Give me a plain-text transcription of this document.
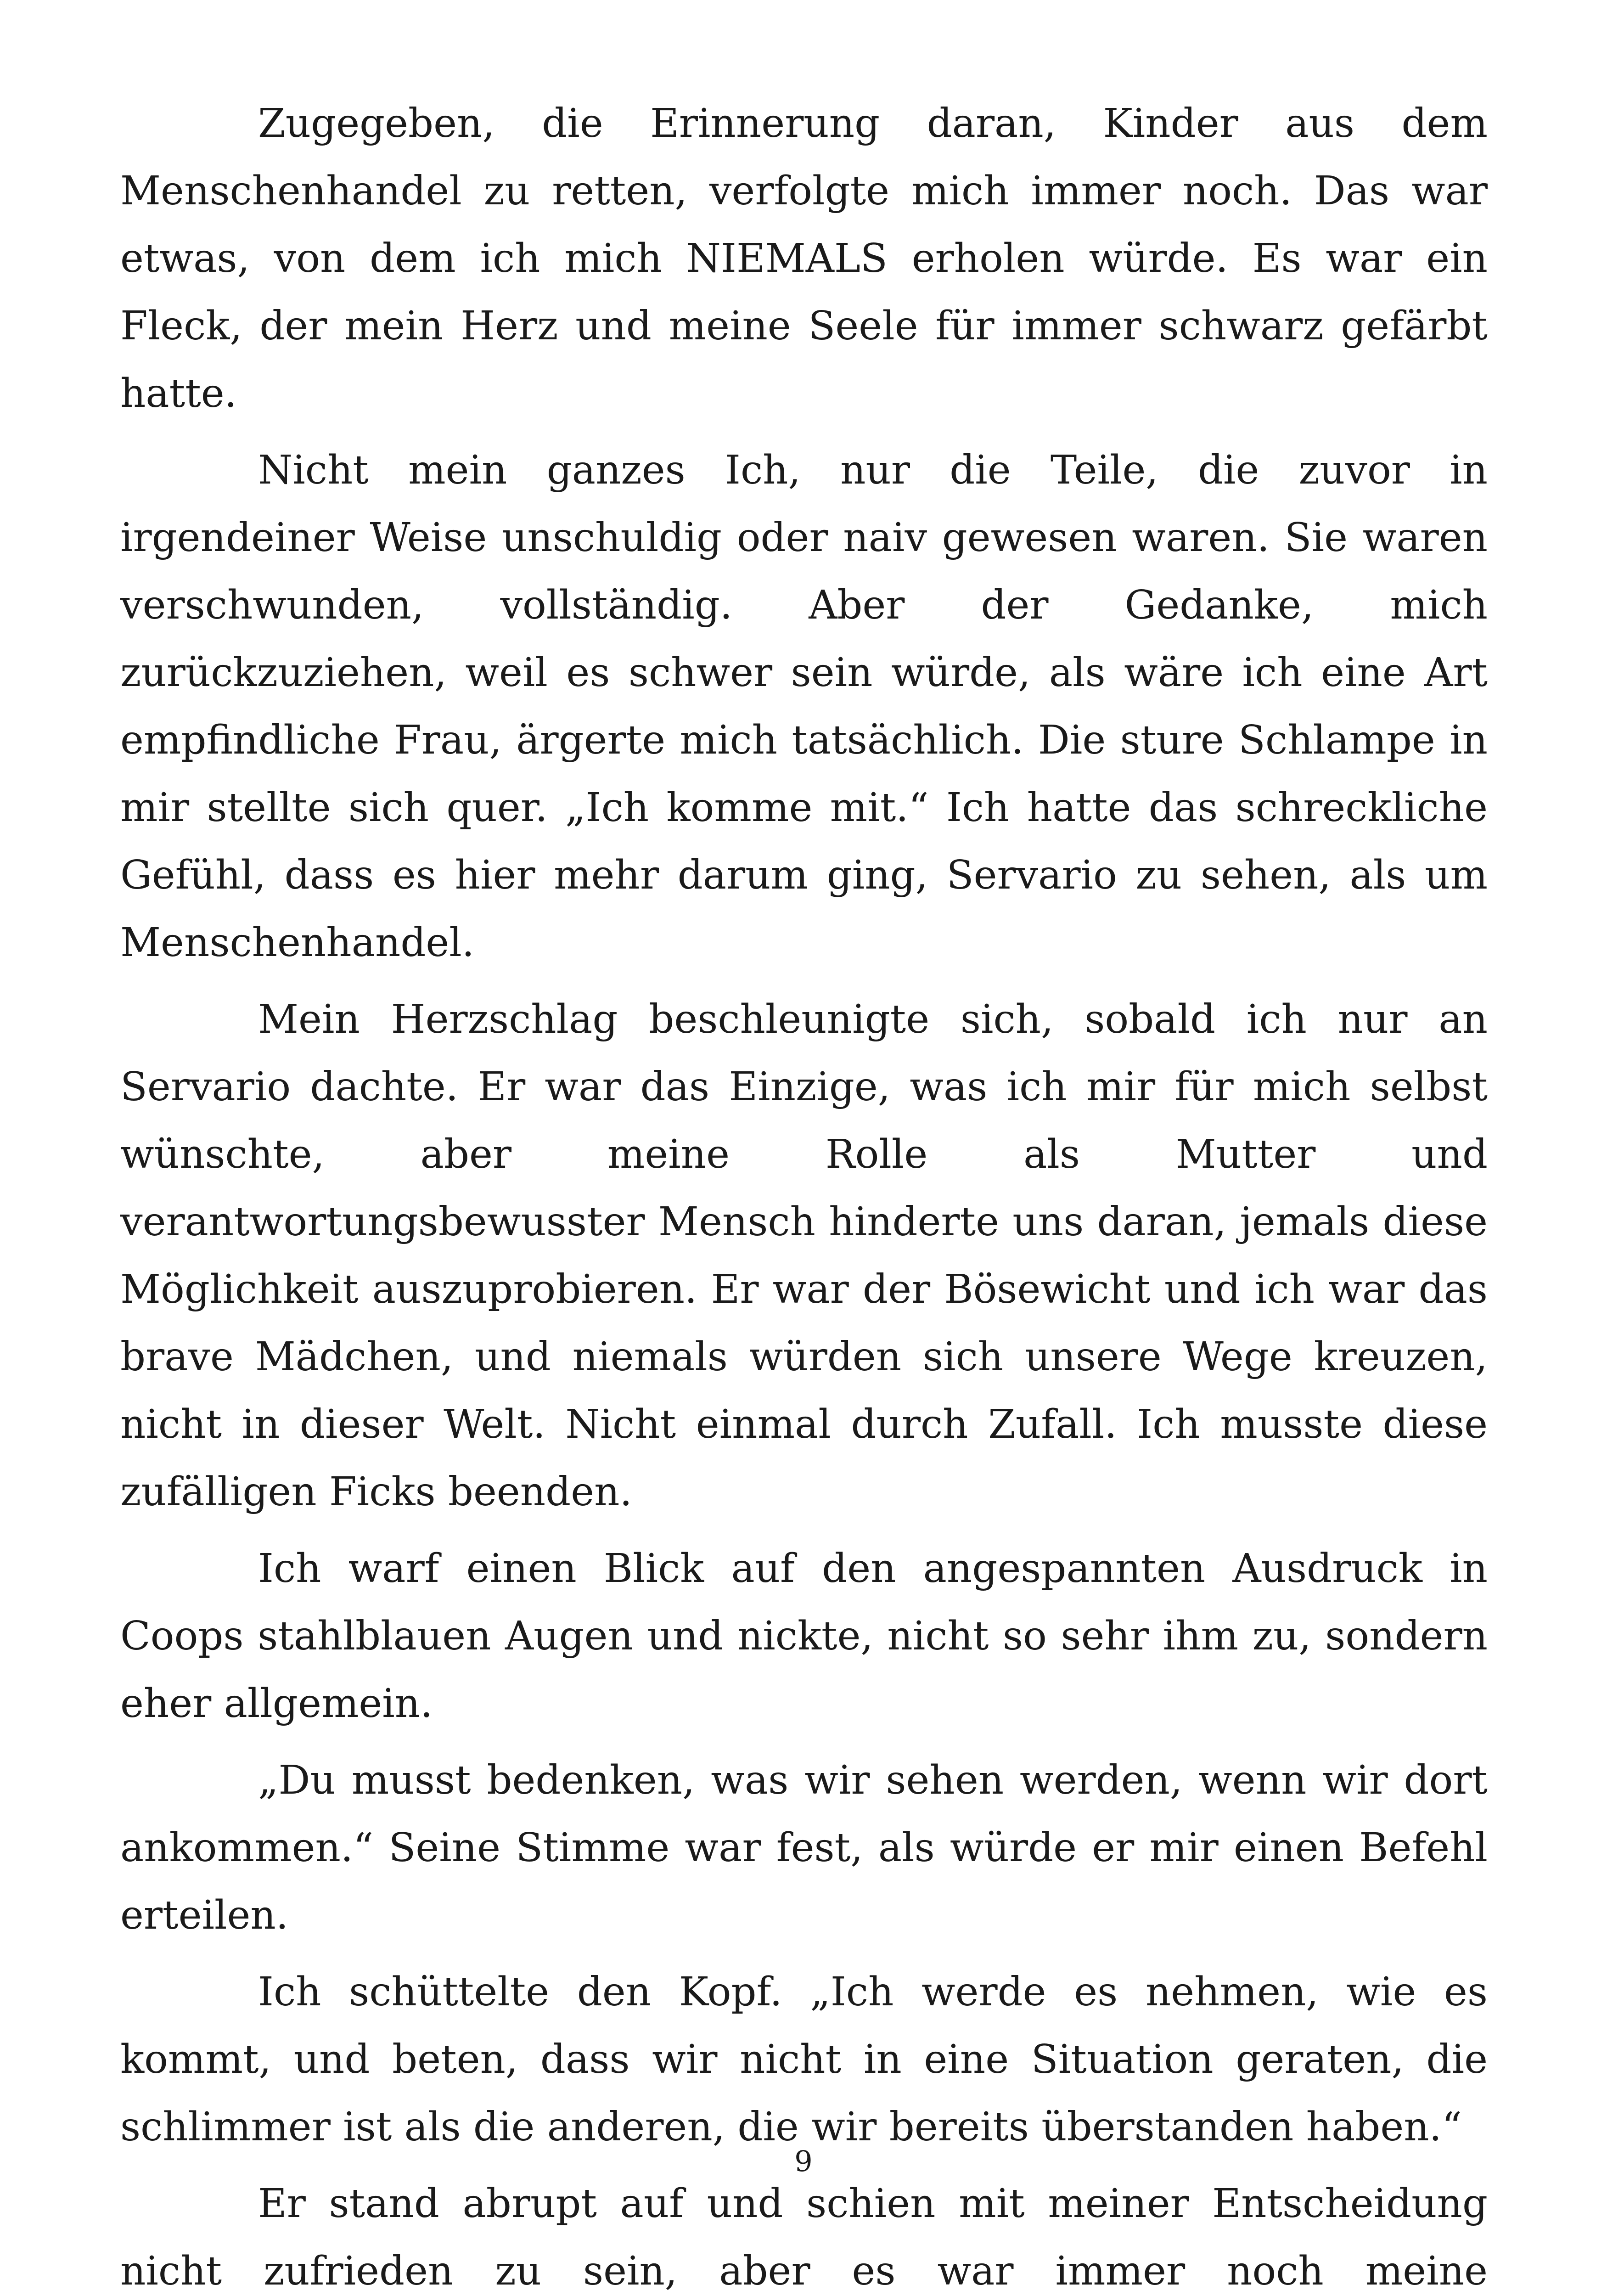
Zugegeben, die Erinnerung daran, Kinder aus dem Menschenhandel zu retten, verfolgte mich immer noch. Das war etwas, von dem ich mich NIEMALS erholen würde. Es war ein Fleck, der mein Herz und meine Seele für immer schwarz gefärbt hatte.

Nicht mein ganzes Ich, nur die Teile, die zuvor in irgendeiner Weise unschuldig oder naiv gewesen waren. Sie waren verschwunden, vollständig. Aber der Gedanke, mich zurückzuziehen, weil es schwer sein würde, als wäre ich eine Art empfindliche Frau, ärgerte mich tatsächlich. Die sture Schlampe in mir stellte sich quer. „Ich komme mit.“ Ich hatte das schreckliche Gefühl, dass es hier mehr darum ging, Servario zu sehen, als um Menschenhandel.

Mein Herzschlag beschleunigte sich, sobald ich nur an Servario dachte. Er war das Einzige, was ich mir für mich selbst wünschte, aber meine Rolle als Mutter und verantwortungsbewusster Mensch hinderte uns daran, jemals diese Möglichkeit auszuprobieren. Er war der Bösewicht und ich war das brave Mädchen, und niemals würden sich unsere Wege kreuzen, nicht in dieser Welt. Nicht einmal durch Zufall. Ich musste diese zufälligen Ficks beenden.

Ich warf einen Blick auf den angespannten Ausdruck in Coops stahlblauen Augen und nickte, nicht so sehr ihm zu, sondern eher allgemein.

„Du musst bedenken, was wir sehen werden, wenn wir dort ankommen.“ Seine Stimme war fest, als würde er mir einen Befehl erteilen.

Ich schüttelte den Kopf. „Ich werde es nehmen, wie es kommt, und beten, dass wir nicht in eine Situation geraten, die schlimmer ist als die anderen, die wir bereits überstanden haben.“

Er stand abrupt auf und schien mit meiner Entscheidung nicht zufrieden zu sein, aber es war immer noch meine

9
